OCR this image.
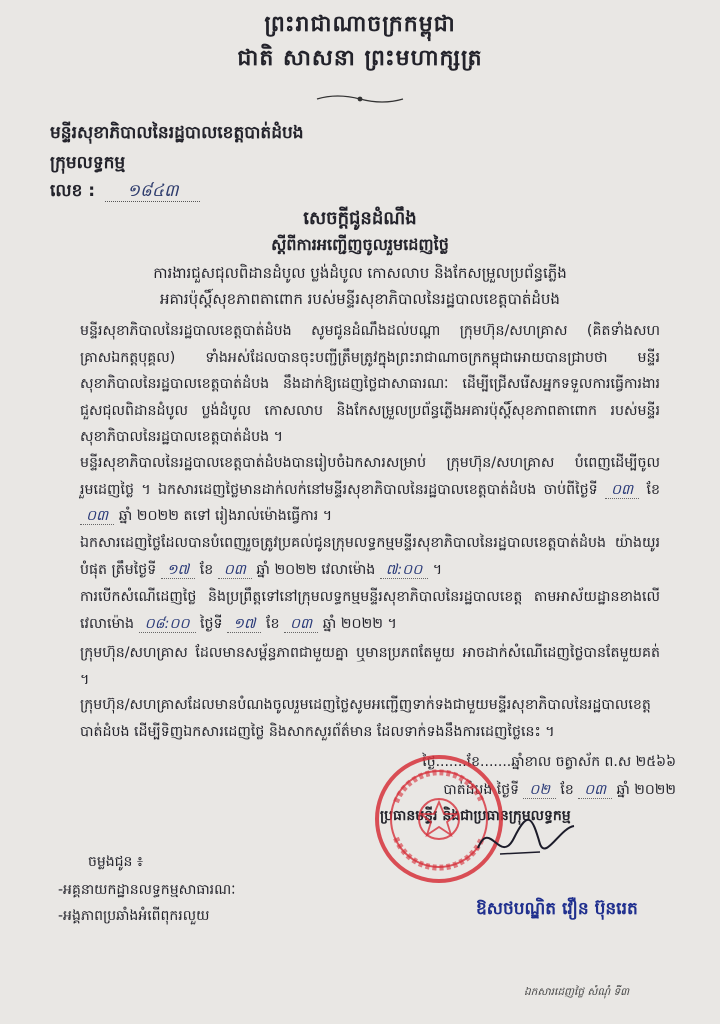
ព្រះរាជាណាចក្រកម្ពុជា
ជាតិ សាសនា ព្រះមហាក្សត្រ
មន្ទីរសុខាភិបាលនៃរដ្ឋបាលខេត្តបាត់ដំបង
ក្រុមលទ្ធកម្ម
លេខ : ១៨៤៣
សេចក្ដីជូនដំណឹង
ស្ដីពីការអញ្ជើញចូលរួមដេញថ្លៃ
ការងារជួសជុលពិដានដំបូល ប្លង់ដំបូល កោសលាប និងកែសម្រួលប្រព័ន្ធភ្លើង
អគារប៉ុស្តិ៍សុខភាពតាពោក របស់មន្ទីរសុខាភិបាលនៃរដ្ឋបាលខេត្តបាត់ដំបង

មន្ទីរសុខាភិបាលនៃរដ្ឋបាលខេត្តបាត់ដំបង សូមជូនដំណឹងដល់បណ្ដា ក្រុមហ៊ុន/សហគ្រាស (គិតទាំងសហគ្រាសឯកត្តបុគ្គល) ទាំងអស់ដែលបានចុះបញ្ជីត្រឹមត្រូវក្នុងព្រះរាជាណាចក្រកម្ពុជាអោយបានជ្រាបថា មន្ទីរសុខាភិបាលនៃរដ្ឋបាលខេត្តបាត់ដំបង នឹងដាក់ឱ្យដេញថ្លៃជាសាធារណៈ ដើម្បីជ្រើសរើសអ្នកទទួលការធ្វើការងារជួសជុលពិដានដំបូល ប្លង់ដំបូល កោសលាប និងកែសម្រួលប្រព័ន្ធភ្លើងអគារប៉ុស្តិ៍សុខភាពតាពោក របស់មន្ទីរសុខាភិបាលនៃរដ្ឋបាលខេត្តបាត់ដំបង ។

មន្ទីរសុខាភិបាលនៃរដ្ឋបាលខេត្តបាត់ដំបងបានរៀបចំឯកសារសម្រាប់ ក្រុមហ៊ុន/សហគ្រាស បំពេញដើម្បីចូលរួមដេញថ្លៃ ។ ឯកសារដេញថ្លៃមានដាក់លក់នៅមន្ទីរសុខាភិបាលនៃរដ្ឋបាលខេត្តបាត់ដំបង ចាប់ពីថ្ងៃទី ០៣ ខែ ០៣ ឆ្នាំ ២០២២ តទៅ រៀងរាល់ម៉ោងធ្វើការ ។

ឯកសារដេញថ្លៃដែលបានបំពេញរួចត្រូវប្រគល់ជូនក្រុមលទ្ធកម្មមន្ទីរសុខាភិបាលនៃរដ្ឋបាលខេត្តបាត់ដំបង យ៉ាងយូរបំផុត ត្រឹមថ្ងៃទី ១៧ ខែ ០៣ ឆ្នាំ ២០២២ វេលាម៉ោង ៧:០០ ។

ការបើកសំណើដេញថ្លៃ និងប្រព្រឹត្តទៅនៅក្រុមលទ្ធកម្មមន្ទីរសុខាភិបាលនៃរដ្ឋបាលខេត្ត តាមអាស័យដ្ឋានខាងលើ វេលាម៉ោង ០៨:០០ ថ្ងៃទី ១៧ ខែ ០៣ ឆ្នាំ ២០២២ ។

ក្រុមហ៊ុន/សហគ្រាស ដែលមានសម្ព័ន្ធភាពជាមួយគ្នា ឬមានប្រភពតែមួយ អាចដាក់សំណើដេញថ្លៃបានតែមួយគត់ ។

ក្រុមហ៊ុន/សហគ្រាសដែលមានបំណងចូលរួមដេញថ្លៃសូមអញ្ជើញទាក់ទងជាមួយមន្ទីរសុខាភិបាលនៃរដ្ឋបាលខេត្តបាត់ដំបង ដើម្បីទិញឯកសារដេញថ្លៃ និងសាកសួរព័ត៌មាន ដែលទាក់ទងនឹងការដេញថ្លៃនេះ ។

ថ្ងៃ.......ខែ.......ឆ្នាំខាល ចត្វាស័ក ព.ស ២៥៦៦
បាត់ដំបង ថ្ងៃទី ០២ ខែ ០៣ ឆ្នាំ ២០២២
ប្រធានមន្ទីរ និងជាប្រធានក្រុមលទ្ធកម្ម
ចម្លងជូន ៖
-អគ្គនាយកដ្ឋានលទ្ធកម្មសាធារណៈ
-អង្គភាពប្រឆាំងអំពើពុករលួយ	ឱសថបណ្ឌិត វឿន ប៊ុនរេត
ឯកសារដេញថ្លៃ សំណុំ ទី៣
